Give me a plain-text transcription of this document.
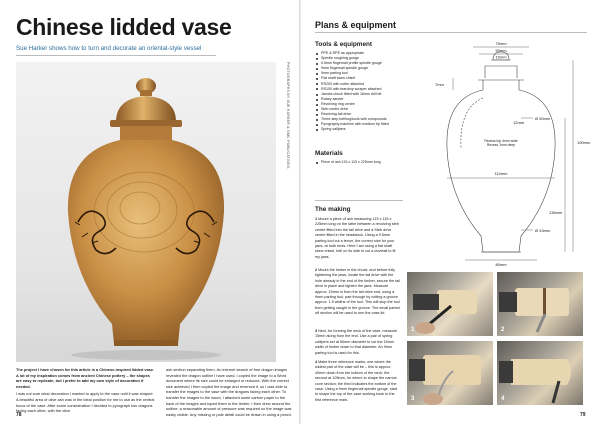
Chinese lidded vase
Sue Harker shows how to turn and decorate an oriental-style vessel
PHOTOGRAPHS BY SUE HARKER & GMC PUBLICATIONS
The project I have chosen for this article is a Chinese-inspired lidded vase. A lot of my inspiration comes from ancient Chinese pottery – the shapes are easy to replicate, but I prefer to add my own style of decoration if needed.

I was not sure what decoration I wanted to apply to the vase until it was shaped. A beautiful area of olive ash was in the ideal position for me to use as the central focus of the vase. After some consideration I decided to pyrograph two dragons facing each other, with the olive

ash section separating them. An internet search of free dragon images revealed the dragon outline I have used. I copied the image to a Word document where its size could be enlarged or reduced. With the correct size achieved I then copied the image and reversed it, so I was able to transfer the images to the vase with the dragons facing each other. To transfer the images to the wood, I attached some carbon paper to the back of the images and taped them to the timber. I then drew around the outline; a reasonable amount of pressure was required so the image was easily visible. Any missing or pale detail could be drawn in using a pencil.
78
Plans & equipment
Tools & equipment
PPE & RPE as appropriate
Spindle roughing gouge
9.5mm fingernail profile spindle gouge
9mm fingernail spindle gouge
9mm parting tool
Flat shaft skew chisel
RS200 with cutter attached
RS100 with teardrop scraper attached
Jacobs chuck fitted with 16mm drill bit
Rotary sander
Revolving ring centre
Steb centre drive
Revolving tail drive
Three-step bellhog/tools with compounds
Pyrography machine with medium tip fitted
Spring callipers
Materials
Piece of ash 115 x 115 x 225mm long
79mm
55mm
15mm
7mm
12mm
Ø 50mm
Recess top 4mm wide Recess 1mm deep
110mm
190mm
136mm
Ø 43mm
80mm
The making
1 Mount a piece of ash measuring 115 x 115 x 225mm long on the lathe between a revolving steb centre fitted into the tail drive and a Steb drive centre fitted in the headstock. Using a 9.5mm parting tool cut a tenon, the correct size for your jaws, at both ends. Here I am using a flat shaft skew chisel, bell on its side to cut a dovetail to fit my jaws.
2 Mount the timber in the chuck, and before fully tightening the jaws, locate the tail drive with the hole already in the end of the timber, secure the tail drive in place and tighten the jaws. Measure approx. 15mm in from the tail drive end, using a 9mm parting tool, part through by cutting a groove approx. 1.5 widths of the tool. This will stop the tool from getting caught in the groove. The small parted off section will be used to turn the vase lid.
3 Next, for forming the neck of the vase, measure 15mm along from the end. Use a pair of spring callipers set at 50mm diameter to cut the 15mm width of timber down to that diameter. An 9mm parting tool is used for this.
4 Make three reference marks: one where the widest part of the vase will be – this is approx. 40mm down from the bottom of the neck; the second at 105mm, for where to shape the narrow cove section; the third indicates the bottom of the vase. Using a 9mm fingernail spindle gouge, start to shape the top of the vase working back to the first reference mark.
1	2
3	4
79
